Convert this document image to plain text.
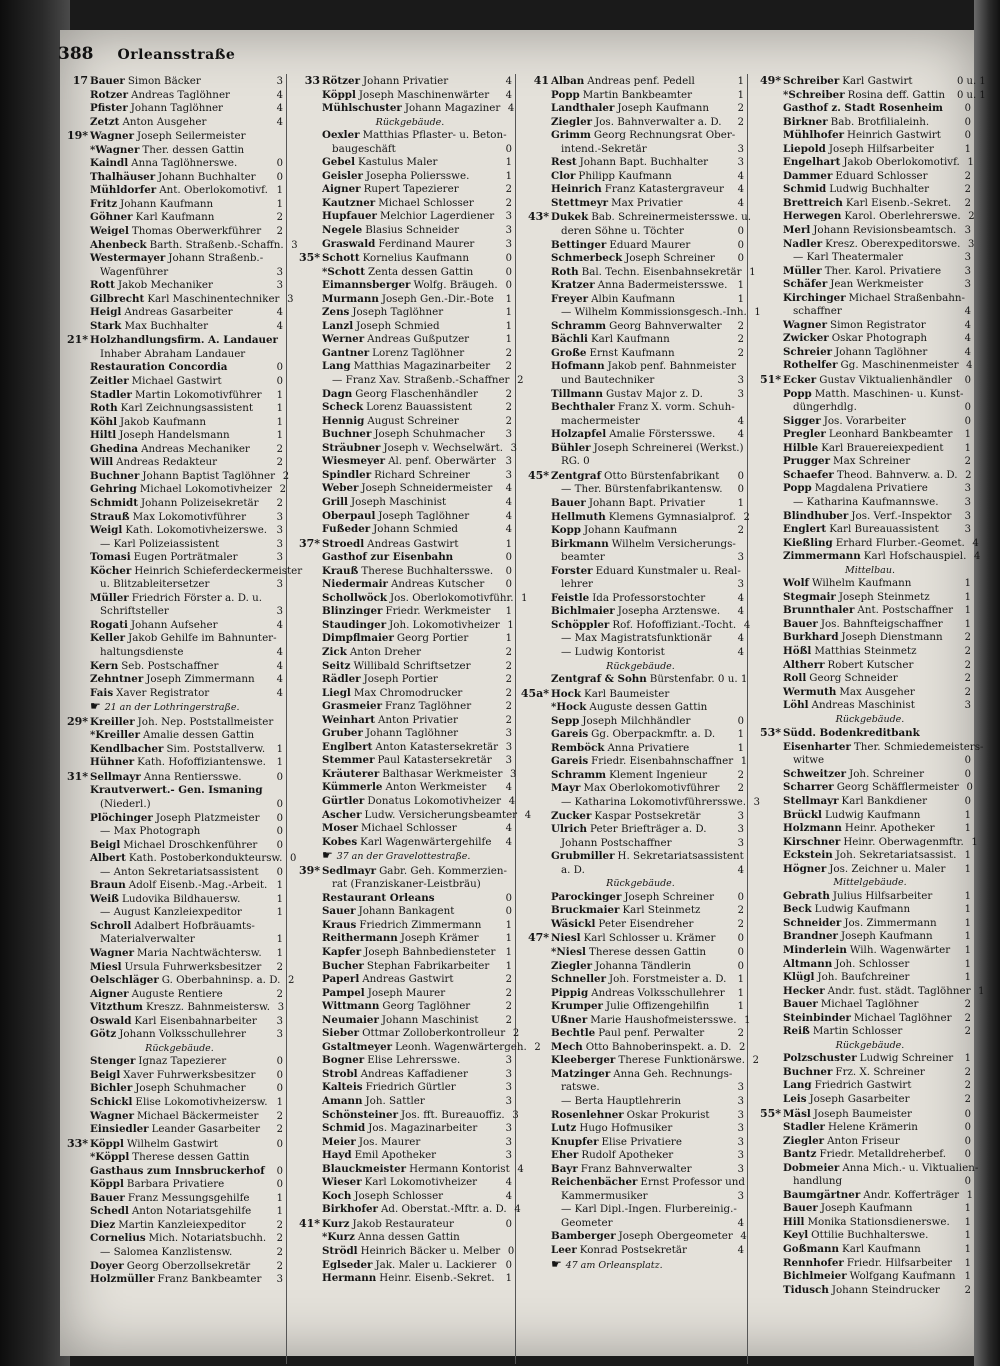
388 Orleansstraße
17 Bauer Simon Bäcker	3
Rotzer Andreas Taglöhner	4
Pfister Johann Taglöhner	4
Zetzt Anton Ausgeher	4
19* Wagner Joseph Seilermeister
*Wagner Ther. dessen Gattin
Kaindl Anna Taglöhnerswe.	0
Thalhäuser Johann Buchhalter	0
Mühldorfer Ant. Oberlokomotivf. 1
Fritz Johann Kaufmann	1
Göhner Karl Kaufmann	2
Weigel Thomas Oberwerkführer	2
Ahenbeck Barth. Straßenb.-Schaffn. 3
Westermayer Johann Straßenb.-
Wagenführer	3
Rott Jakob Mechaniker	3
Gilbrecht Karl Maschinentechniker 3
Heigl Andreas Gasarbeiter	4
Stark Max Buchhalter	4
21* Holzhandlungsfirm. A. Landauer
Inhaber Abraham Landauer
Restauration Concordia	0
Zeitler Michael Gastwirt	0
Stadler Martin Lokomotivführer	1
Roth Karl Zeichnungsassistent	1
Köhl Jakob Kaufmann	1
Hiltl Joseph Handelsmann	1
Ghedina Andreas Mechaniker	2
Will Andreas Redakteur	2
Buchner Johann Baptist Taglöhner 2
Gehring Michael Lokomotivheizer 2
Schmidt Johann Polizeisekretär	2
Strauß Max Lokomotivführer	3
Weigl Kath. Lokomotivheizerswe. 3
— Karl Polizeiassistent	3
Tomasi Eugen Porträtmaler	3
Köcher Heinrich Schieferdeckermeister
u. Blitzableitersetzer	3
Müller Friedrich Förster a. D. u.
Schriftsteller	3
Rogati Johann Aufseher	4
Keller Jakob Gehilfe im Bahnunter-
haltungsdienste	4
Kern Seb. Postschaffner	4
Zehntner Joseph Zimmermann	4
Fais Xaver Registrator	4
☛ 21 an der Lothringerstraße.
29* Kreiller Joh. Nep. Poststallmeister
*Kreiller Amalie dessen Gattin
Kendlbacher Sim. Poststallverw.	1
Hühner Kath. Hofoffiziantenswe.	1
31* Sellmayr Anna Rentiersswe.	0
Krautverwert.- Gen. Ismaning
(Niederl.)	0
Plöchinger Joseph Platzmeister	0
— Max Photograph	0
Beigl Michael Droschkenführer	0
Albert Kath. Postoberkondukteursw. 0
— Anton Sekretariatsassistent	0
Braun Adolf Eisenb.-Mag.-Arbeit. 1
Weiß Ludovika Bildhauersw.	1
— August Kanzleiexpeditor	1
Schroll Adalbert Hofbräuamts-
Materialverwalter	1
Wagner Maria Nachtwächtersw.	1
Miesl Ursula Fuhrwerksbesitzer	2
Oelschläger G. Oberbahninsp. a. D. 2
Aigner Auguste Rentiere	2
Vitzthum Kreszz. Bahnmeistersw. 3
Oswald Karl Eisenbahnarbeiter	3
Götz Johann Volksschullehrer	3
Rückgebäude.
Stenger Ignaz Tapezierer	0
Beigl Xaver Fuhrwerksbesitzer	0
Bichler Joseph Schuhmacher	0
Schickl Elise Lokomotivheizersw. 1
Wagner Michael Bäckermeister	2
Einsiedler Leander Gasarbeiter	2
33* Köppl Wilhelm Gastwirt	0
*Köppl Therese dessen Gattin
Gasthaus zum Innsbruckerhof	0
Köppl Barbara Privatiere	0
Bauer Franz Messungsgehilfe	1
Schedl Anton Notariatsgehilfe	1
Diez Martin Kanzleiexpeditor	2
Cornelius Mich. Notariatsbuchh.	2
— Salomea Kanzlistensw.	2
Doyer Georg Oberzollsekretär	2
Holzmüller Franz Bankbeamter	3
33 Rötzer Johann Privatier	4
Köppl Joseph Maschinenwärter	4
Mühlschuster Johann Magaziner 4
Rückgebäude.
Oexler Matthias Pflaster- u. Beton-
baugeschäft	0
Gebel Kastulus Maler	1
Geisler Josepha Poliersswe.	1
Aigner Rupert Tapezierer	2
Kautzner Michael Schlosser	2
Hupfauer Melchior Lagerdiener	3
Negele Blasius Schneider	3
Graswald Ferdinand Maurer	3
35* Schott Kornelius Kaufmann	0
*Schott Zenta dessen Gattin	0
Eimannsberger Wolfg. Bräugeh. 0
Murmann Joseph Gen.-Dir.-Bote	1
Zens Joseph Taglöhner	1
Lanzl Joseph Schmied	1
Werner Andreas Gußputzer	1
Gantner Lorenz Taglöhner	2
Lang Matthias Magazinarbeiter	2
— Franz Xav. Straßenb.-Schaffner 2
Dagn Georg Flaschenhändler	2
Scheck Lorenz Bauassistent	2
Hennig August Schreiner	2
Buchner Joseph Schuhmacher	3
Sträubner Joseph v. Wechselwärt. 3
Wiesmeyer Al. penf. Oberwärter 3
Spindler Richard Schreiner	3
Weber Joseph Schneidermeister	4
Grill Joseph Maschinist	4
Oberpaul Joseph Taglöhner	4
Fußeder Johann Schmied	4
37* Stroedl Andreas Gastwirt	1
Gasthof zur Eisenbahn	0
Krauß Therese Buchhaltersswe.	0
Niedermair Andreas Kutscher	0
Schollwöck Jos. Oberlokomotivführ. 1
Blinzinger Friedr. Werkmeister	1
Staudinger Joh. Lokomotivheizer 1
Dimpflmaier Georg Portier	1
Zick Anton Dreher	2
Seitz Willibald Schriftsetzer	2
Rädler Joseph Portier	2
Liegl Max Chromodrucker	2
Grasmeier Franz Taglöhner	2
Weinhart Anton Privatier	2
Gruber Johann Taglöhner	3
Englbert Anton Katastersekretär 3
Stemmer Paul Katastersekretär	3
Kräuterer Balthasar Werkmeister 3
Kümmerle Anton Werkmeister	4
Gürtler Donatus Lokomotivheizer 4
Ascher Ludw. Versicherungsbeamter 4
Moser Michael Schlosser	4
Kobes Karl Wagenwärtergehilfe	4
☛ 37 an der Gravelottestraße.
39* Sedlmayr Gabr. Geh. Kommerzien-
rat (Franziskaner-Leistbräu)
Restaurant Orleans	0
Sauer Johann Bankagent	0
Kraus Friedrich Zimmermann	1
Reithermann Joseph Krämer	1
Kapfer Joseph Bahnbediensteter	1
Bucher Stephan Fabrikarbeiter	1
Paperl Andreas Gastwirt	2
Pampel Joseph Maurer	2
Wittmann Georg Taglöhner	2
Neumaier Johann Maschinist	2
Sieber Ottmar Zolloberkontrolleur 2
Gstaltmeyer Leonh. Wagenwärtergeh. 2
Bogner Elise Lehrersswe.	3
Strobl Andreas Kaffadiener	3
Kalteis Friedrich Gürtler	3
Amann Joh. Sattler	3
Schönsteiner Jos. fft. Bureauoffiz. 3
Schmid Jos. Magazinarbeiter	3
Meier Jos. Maurer	3
Hayd Emil Apotheker	3
Blauckmeister Hermann Kontorist 4
Wieser Karl Lokomotivheizer	4
Koch Joseph Schlosser	4
Birkhofer Ad. Oberstat.-Mftr. a. D. 4
41* Kurz Jakob Restaurateur	0
*Kurz Anna dessen Gattin
Strödl Heinrich Bäcker u. Melber 0
Eglseder Jak. Maler u. Lackierer 0
Hermann Heinr. Eisenb.-Sekret.	1
41 Alban Andreas penf. Pedell	1
Popp Martin Bankbeamter	1
Landthaler Joseph Kaufmann	2
Ziegler Jos. Bahnverwalter a. D.	2
Grimm Georg Rechnungsrat Ober-
intend.-Sekretär	3
Rest Johann Bapt. Buchhalter	3
Clor Philipp Kaufmann	4
Heinrich Franz Katastergraveur	4
Stettmeyr Max Privatier	4
43* Dukek Bab. Schreinermeistersswe. u.
deren Söhne u. Töchter	0
Bettinger Eduard Maurer	0
Schmerbeck Joseph Schreiner	0
Roth Bal. Techn. Eisenbahnsekretär 1
Kratzer Anna Badermeistersswe.	1
Freyer Albin Kaufmann	1
— Wilhelm Kommissionsgesch.-Inh. 1
Schramm Georg Bahnverwalter	2
Bächli Karl Kaufmann	2
Große Ernst Kaufmann	2
Hofmann Jakob penf. Bahnmeister
und Bautechniker	3
Tillmann Gustav Major z. D.	3
Bechthaler Franz X. vorm. Schuh-
machermeister	4
Holzapfel Amalie Förstersswe.	4
Bühler Joseph Schreinerei (Werkst.)
RG. 0
45* Zentgraf Otto Bürstenfabrikant	0
— Ther. Bürstenfabrikantensw.	0
Bauer Johann Bapt. Privatier	1
Hellmuth Klemens Gymnasialprof. 2
Kopp Johann Kaufmann	2
Birkmann Wilhelm Versicherungs-
beamter	3
Forster Eduard Kunstmaler u. Real-
lehrer	3
Feistle Ida Professorstochter	4
Bichlmaier Josepha Arztenswe.	4
Schöppler Rof. Hofoffiziant.-Tocht. 4
— Max Magistratsfunktionär	4
— Ludwig Kontorist	4
Rückgebäude.
Zentgraf & Sohn Bürstenfabr. 0 u. 1
45a* Hock Karl Baumeister
*Hock Auguste dessen Gattin
Sepp Joseph Milchhändler	0
Gareis Gg. Oberpackmftr. a. D.	1
Remböck Anna Privatiere	1
Gareis Friedr. Eisenbahnschaffner 1
Schramm Klement Ingenieur	2
Mayr Max Oberlokomotivführer	2
— Katharina Lokomotivführersswe. 3
Zucker Kaspar Postsekretär	3
Ulrich Peter Briefträger a. D.	3
Johann Postschaffner	3
Grubmiller H. Sekretariatsassistent
a. D.	4
Rückgebäude.
Parockinger Joseph Schreiner	0
Bruckmaier Karl Steinmetz	2
Wäsickl Peter Eisendreher	2
47* Niesl Karl Schlosser u. Krämer	0
*Niesl Therese dessen Gattin	0
Ziegler Johanna Tändlerin	0
Schneller Joh. Forstmeister a. D.	1
Pippig Andreas Volksschullehrer	1
Krumper Julie Offizengehilfin	1
Ußner Marie Haushofmeistersswe. 1
Bechtle Paul penf. Perwalter	2
Mech Otto Bahnoberinspekt. a. D. 2
Kleeberger Therese Funktionärswe. 2
Matzinger Anna Geh. Rechnungs-
ratswe.	3
— Berta Hauptlehrerin	3
Rosenlehner Oskar Prokurist	3
Lutz Hugo Hofmusiker	3
Knupfer Elise Privatiere	3
Eher Rudolf Apotheker	3
Bayr Franz Bahnverwalter	3
Reichenbächer Ernst Professor und
Kammermusiker	3
— Karl Dipl.-Ingen. Flurbereinig.-
Geometer	4
Bamberger Joseph Obergeometer 4
Leer Konrad Postsekretär	4
☛ 47 am Orleansplatz.
49* Schreiber Karl Gastwirt	0 u. 1
*Schreiber Rosina deff. Gattin	0 u. 1
Gasthof z. Stadt Rosenheim	0
Birkner Bab. Brotfilialeinh.	0
Mühlhofer Heinrich Gastwirt	0
Liepold Joseph Hilfsarbeiter	1
Engelhart Jakob Oberlokomotivf. 1
Dammer Eduard Schlosser	2
Schmid Ludwig Buchhalter	2
Brettreich Karl Eisenb.-Sekret.	2
Herwegen Karol. Oberlehrerswe. 2
Merl Johann Revisionsbeamtsch. 3
Nadler Kresz. Oberexpeditorswe. 3
— Karl Theatermaler	3
Müller Ther. Karol. Privatiere	3
Schäfer Jean Werkmeister	3
Kirchinger Michael Straßenbahn-
schaffner	4
Wagner Simon Registrator	4
Zwicker Oskar Photograph	4
Schreier Johann Taglöhner	4
Rothelfer Gg. Maschinenmeister 4
51* Ecker Gustav Viktualienhändler	0
Popp Matth. Maschinen- u. Kunst-
düngerhdlg.	0
Sigger Jos. Vorarbeiter	0
Pregler Leonhard Bankbeamter	1
Hilble Karl Brauereiexpedient	1
Prugger Max Schreiner	2
Schaefer Theod. Bahnverw. a. D. 2
Popp Magdalena Privatiere	3
— Katharina Kaufmannswe.	3
Blindhuber Jos. Verf.-Inspektor	3
Englert Karl Bureauassistent	3
Kießling Erhard Flurber.-Geomet. 4
Zimmermann Karl Hofschauspiel. 4
Mittelbau.
Wolf Wilhelm Kaufmann	1
Stegmair Joseph Steinmetz	1
Brunnthaler Ant. Postschaffner	1
Bauer Jos. Bahnfteigschaffner	1
Burkhard Joseph Dienstmann	2
Hößl Matthias Steinmetz	2
Altherr Robert Kutscher	2
Roll Georg Schneider	2
Wermuth Max Ausgeher	2
Löhl Andreas Maschinist	3
Rückgebäude.
53* Südd. Bodenkreditbank
Eisenharter Ther. Schmiedemeisters-
witwe	0
Schweitzer Joh. Schreiner	0
Scharrer Georg Schäfflermeister 0
Stellmayr Karl Bankdiener	0
Brückl Ludwig Kaufmann	1
Holzmann Heinr. Apotheker	1
Kirschner Heinr. Oberwagenmftr. 1
Eckstein Joh. Sekretariatsassist. 1
Högner Jos. Zeichner u. Maler	1
Mittelgebäude.
Gebrath Julius Hilfsarbeiter	1
Beck Ludwig Kaufmann	1
Schneider Jos. Zimmermann	1
Brandner Joseph Kaufmann	1
Minderlein Wilh. Wagenwärter	1
Altmann Joh. Schlosser	1
Klügl Joh. Baufchreiner	1
Hecker Andr. fust. städt. Taglöhner 1
Bauer Michael Taglöhner	2
Steinbinder Michael Taglöhner	2
Reiß Martin Schlosser	2
Rückgebäude.
Polzschuster Ludwig Schreiner	1
Buchner Frz. X. Schreiner	2
Lang Friedrich Gastwirt	2
Leis Joseph Gasarbeiter	2
55* Mäsl Joseph Baumeister	0
Stadler Helene Krämerin	0
Ziegler Anton Friseur	0
Bantz Friedr. Metalldreherbef.	0
Dobmeier Anna Mich.- u. Viktualien-
handlung	0
Baumgärtner Andr. Kofferträger 1
Bauer Joseph Kaufmann	1
Hill Monika Stationsdienerswe.	1
Keyl Ottilie Buchhalterswe.	1
Goßmann Karl Kaufmann	1
Rennhofer Friedr. Hilfsarbeiter	1
Bichlmeier Wolfgang Kaufmann 1
Tidusch Johann Steindrucker	2
